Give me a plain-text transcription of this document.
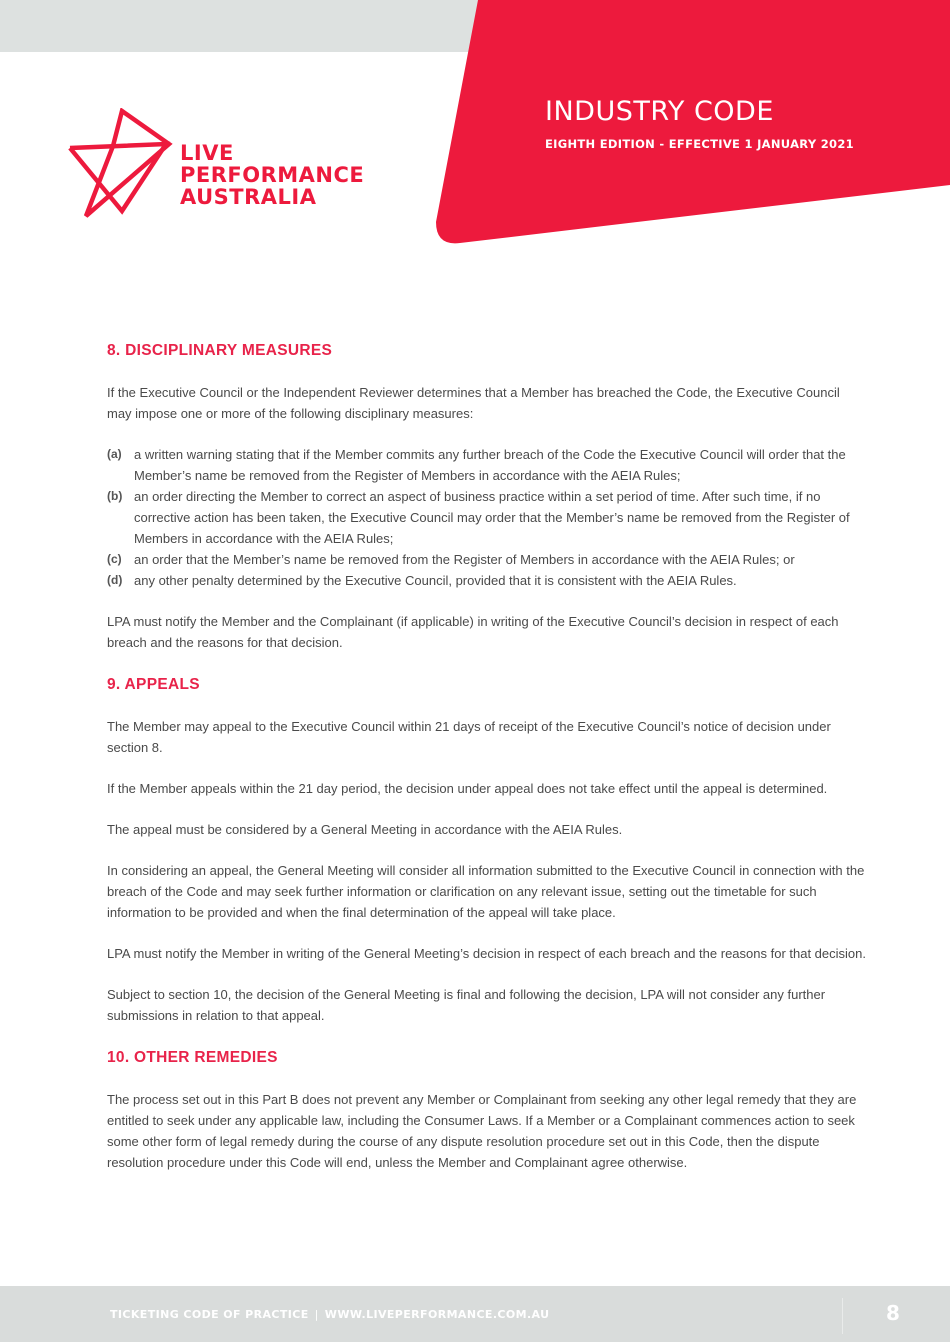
LIVE
PERFORMANCE
AUSTRALIA
INDUSTRY CODE
EIGHTH EDITION - EFFECTIVE 1 JANUARY 2021
8. DISCIPLINARY MEASURES

If the Executive Council or the Independent Reviewer determines that a Member has breached the Code, the Executive Council may impose one or more of the following disciplinary measures:

(a) a written warning stating that if the Member commits any further breach of the Code the Executive Council will order that the Member’s name be removed from the Register of Members in accordance with the AEIA Rules;
(b) an order directing the Member to correct an aspect of business practice within a set period of time. After such time, if no corrective action has been taken, the Executive Council may order that the Member’s name be removed from the Register of Members in accordance with the AEIA Rules;
(c) an order that the Member’s name be removed from the Register of Members in accordance with the AEIA Rules; or
(d) any other penalty determined by the Executive Council, provided that it is consistent with the AEIA Rules.

LPA must notify the Member and the Complainant (if applicable) in writing of the Executive Council’s decision in respect of each breach and the reasons for that decision.

9. APPEALS

The Member may appeal to the Executive Council within 21 days of receipt of the Executive Council’s notice of decision under section 8.

If the Member appeals within the 21 day period, the decision under appeal does not take effect until the appeal is determined.

The appeal must be considered by a General Meeting in accordance with the AEIA Rules.

In considering an appeal, the General Meeting will consider all information submitted to the Executive Council in connection with the breach of the Code and may seek further information or clarification on any relevant issue, setting out the timetable for such information to be provided and when the final determination of the appeal will take place.

LPA must notify the Member in writing of the General Meeting’s decision in respect of each breach and the reasons for that decision.

Subject to section 10, the decision of the General Meeting is final and following the decision, LPA will not consider any further submissions in relation to that appeal.

10. OTHER REMEDIES

The process set out in this Part B does not prevent any Member or Complainant from seeking any other legal remedy that they are entitled to seek under any applicable law, including the Consumer Laws. If a Member or a Complainant commences action to seek some other form of legal remedy during the course of any dispute resolution procedure set out in this Code, then the dispute resolution procedure under this Code will end, unless the Member and Complainant agree otherwise.

TICKETING CODE OF PRACTICE | WWW.LIVEPERFORMANCE.COM.AU	8
